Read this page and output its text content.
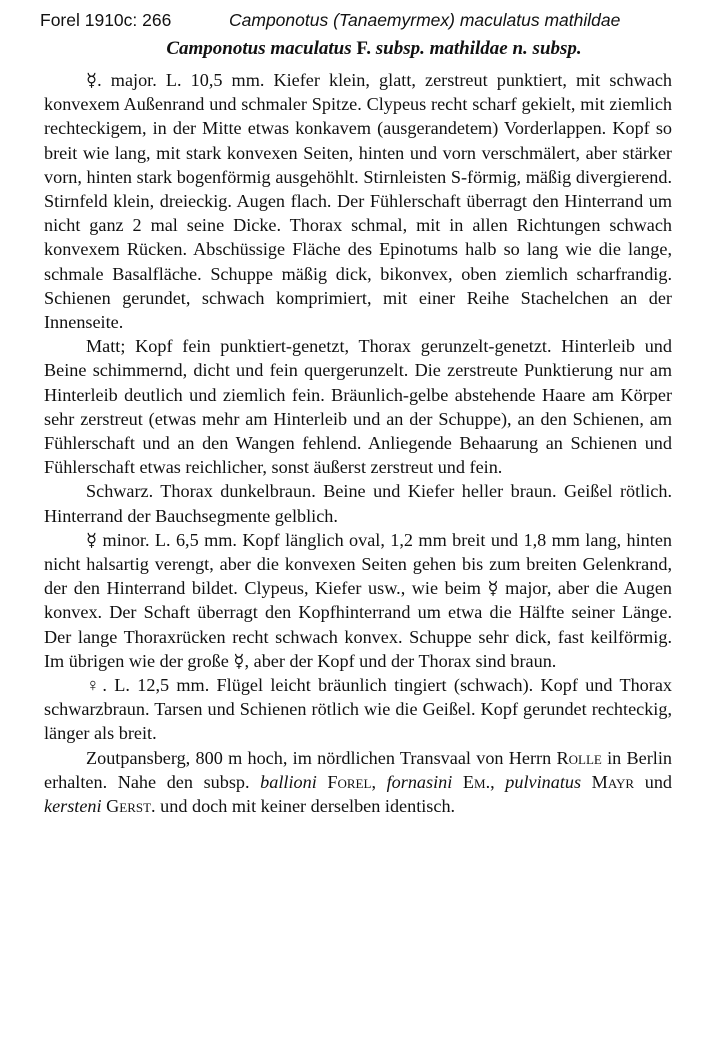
Forel 1910c: 266	Camponotus (Tanaemyrmex) maculatus mathildae
Camponotus maculatus F. subsp. mathildae n. subsp.

☿. major. L. 10,5 mm. Kiefer klein, glatt, zerstreut punktiert, mit schwach konvexem Außenrand und schmaler Spitze. Clypeus recht scharf gekielt, mit ziemlich rechteckigem, in der Mitte etwas konkavem (ausgerandetem) Vorderlappen. Kopf so breit wie lang, mit stark konvexen Seiten, hinten und vorn verschmälert, aber stärker vorn, hinten stark bogenförmig ausgehöhlt. Stirnleisten S-förmig, mäßig divergierend. Stirnfeld klein, dreieckig. Augen flach. Der Fühlerschaft überragt den Hinterrand um nicht ganz 2 mal seine Dicke. Thorax schmal, mit in allen Richtungen schwach konvexem Rücken. Abschüssige Fläche des Epinotums halb so lang wie die lange, schmale Basalfläche. Schuppe mäßig dick, bikonvex, oben ziemlich scharfrandig. Schienen gerundet, schwach komprimiert, mit einer Reihe Stachelchen an der Innenseite.

Matt; Kopf fein punktiert-genetzt, Thorax gerunzelt-genetzt. Hinterleib und Beine schimmernd, dicht und fein quergerunzelt. Die zerstreute Punktierung nur am Hinterleib deutlich und ziemlich fein. Bräunlich-gelbe abstehende Haare am Körper sehr zerstreut (etwas mehr am Hinterleib und an der Schuppe), an den Schienen, am Fühlerschaft und an den Wangen fehlend. Anliegende Behaarung an Schienen und Fühlerschaft etwas reichlicher, sonst äußerst zerstreut und fein.

Schwarz. Thorax dunkelbraun. Beine und Kiefer heller braun. Geißel rötlich. Hinterrand der Bauchsegmente gelblich.

☿ minor. L. 6,5 mm. Kopf länglich oval, 1,2 mm breit und 1,8 mm lang, hinten nicht halsartig verengt, aber die konvexen Seiten gehen bis zum breiten Gelenkrand, der den Hinterrand bildet. Clypeus, Kiefer usw., wie beim ☿ major, aber die Augen konvex. Der Schaft überragt den Kopfhinterrand um etwa die Hälfte seiner Länge. Der lange Thoraxrücken recht schwach konvex. Schuppe sehr dick, fast keilförmig. Im übrigen wie der große ☿, aber der Kopf und der Thorax sind braun.

♀. L. 12,5 mm. Flügel leicht bräunlich tingiert (schwach). Kopf und Thorax schwarzbraun. Tarsen und Schienen rötlich wie die Geißel. Kopf gerundet rechteckig, länger als breit.

Zoutpansberg, 800 m hoch, im nördlichen Transvaal von Herrn Rolle in Berlin erhalten. Nahe den subsp. ballioni Forel, fornasini Em., pulvinatus Mayr und kersteni Gerst. und doch mit keiner derselben identisch.
